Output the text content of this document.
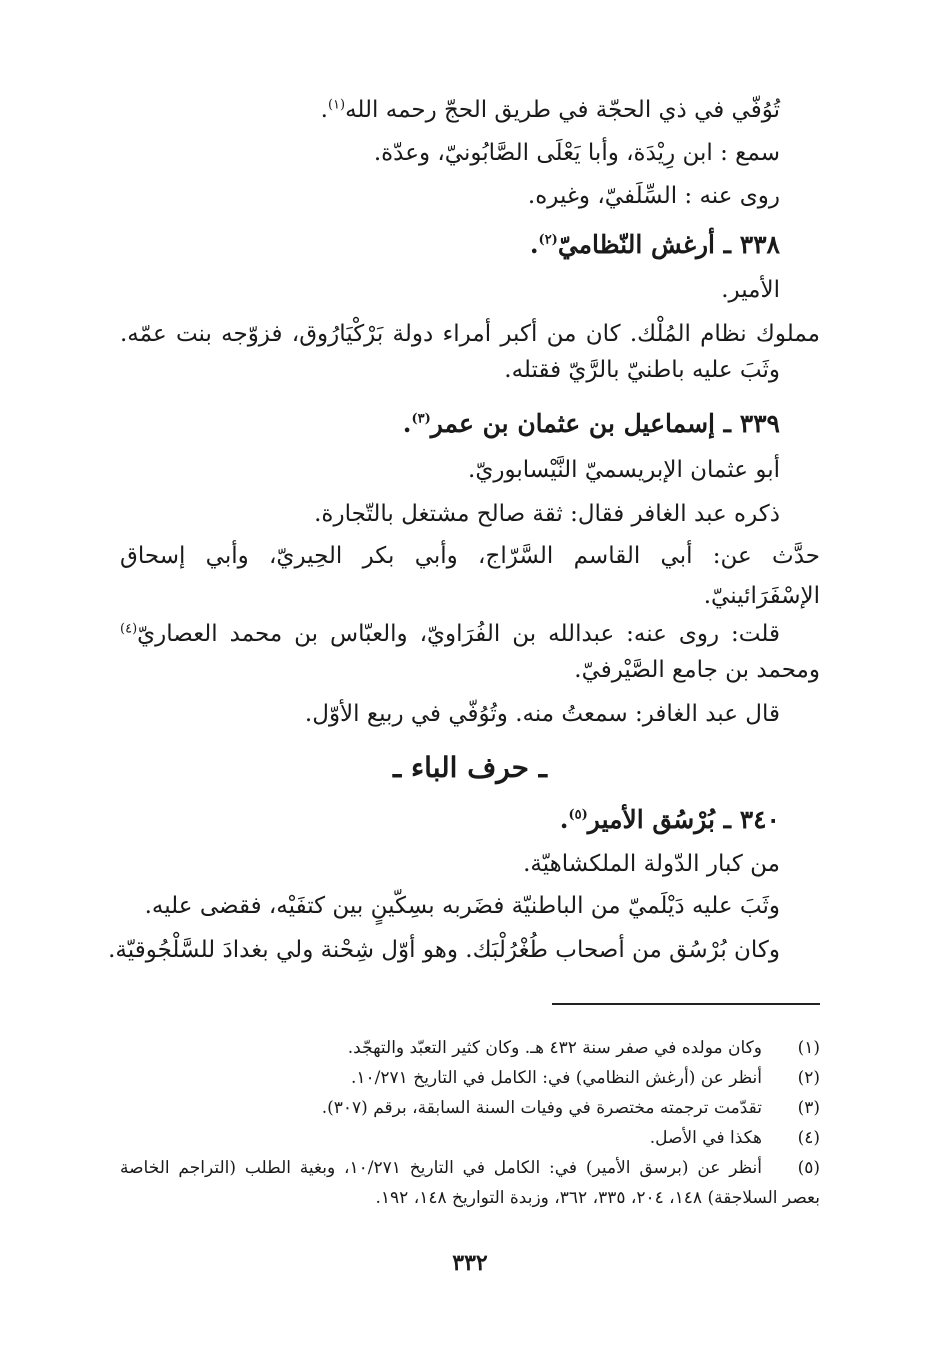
تُوُفّي في ذي الحجّة في طريق الحجّ رحمه الله$^{(١)}$.
سمع : ابن رِيْدَة، وأبا يَعْلَى الصَّابُونيّ، وعدّة.
روى عنه : السِّلَفيّ، وغيره.
٣٣٨ ـ أرغش النّظاميّ$^{(٢)}$.
الأمير.
مملوك نظام المُلْك. كان من أكبر أمراء دولة بَرْكْيَارُوق، فزوّجه بنت عمّه.
وثَبَ عليه باطنيّ بالرَّيّ فقتله.
٣٣٩ ـ إسماعيل بن عثمان بن عمر$^{(٣)}$.
أبو عثمان الإبريسميّ النَّيْسابوريّ.
ذكره عبد الغافر فقال: ثقة صالح مشتغل بالتّجارة.
حدَّث عن: أبي القاسم السَّرّاج، وأبي بكر الحِيريّ، وأبي إسحاق
الإسْفَرَائينيّ.
قلت: روى عنه: عبدالله بن الفُرَاويّ، والعبّاس بن محمد العصاريّ$^{(٤)}$
ومحمد بن جامع الصَّيْرفيّ.
قال عبد الغافر: سمعتُ منه. وتُوُفّي في ربيع الأوّل.
ـ حرف الباء ـ
٣٤٠ ـ بُرْسُق الأمير$^{(٥)}$.
من كبار الدّولة الملكشاهيّة.
وثَبَ عليه دَيْلَميّ من الباطنيّة فضَربه بسِكّينٍ بين كتفَيْه، فقضى عليه.
وكان بُرْسُق من أصحاب طُغْرُلْبَك. وهو أوّل شِحْنة ولي بغدادَ للسَّلْجُوقيّة.
(١)
وكان مولده في صفر سنة ٤٣٢ هـ. وكان كثير التعبّد والتهجّد.
(٢)
أنظر عن (أرغش النظامي) في: الكامل في التاريخ ١٠/٢٧١.
(٣)
تقدّمت ترجمته مختصرة في وفيات السنة السابقة، برقم (٣٠٧).
(٤)
هكذا في الأصل.
(٥)
أنظر عن (برسق الأمير) في: الكامل في التاريخ ١٠/٢٧١، وبغية الطلب (التراجم الخاصة
بعصر السلاجقة) ١٤٨، ٢٠٤، ٣٣٥، ٣٦٢، وزبدة التواريخ ١٤٨، ١٩٢.
٣٣٢
